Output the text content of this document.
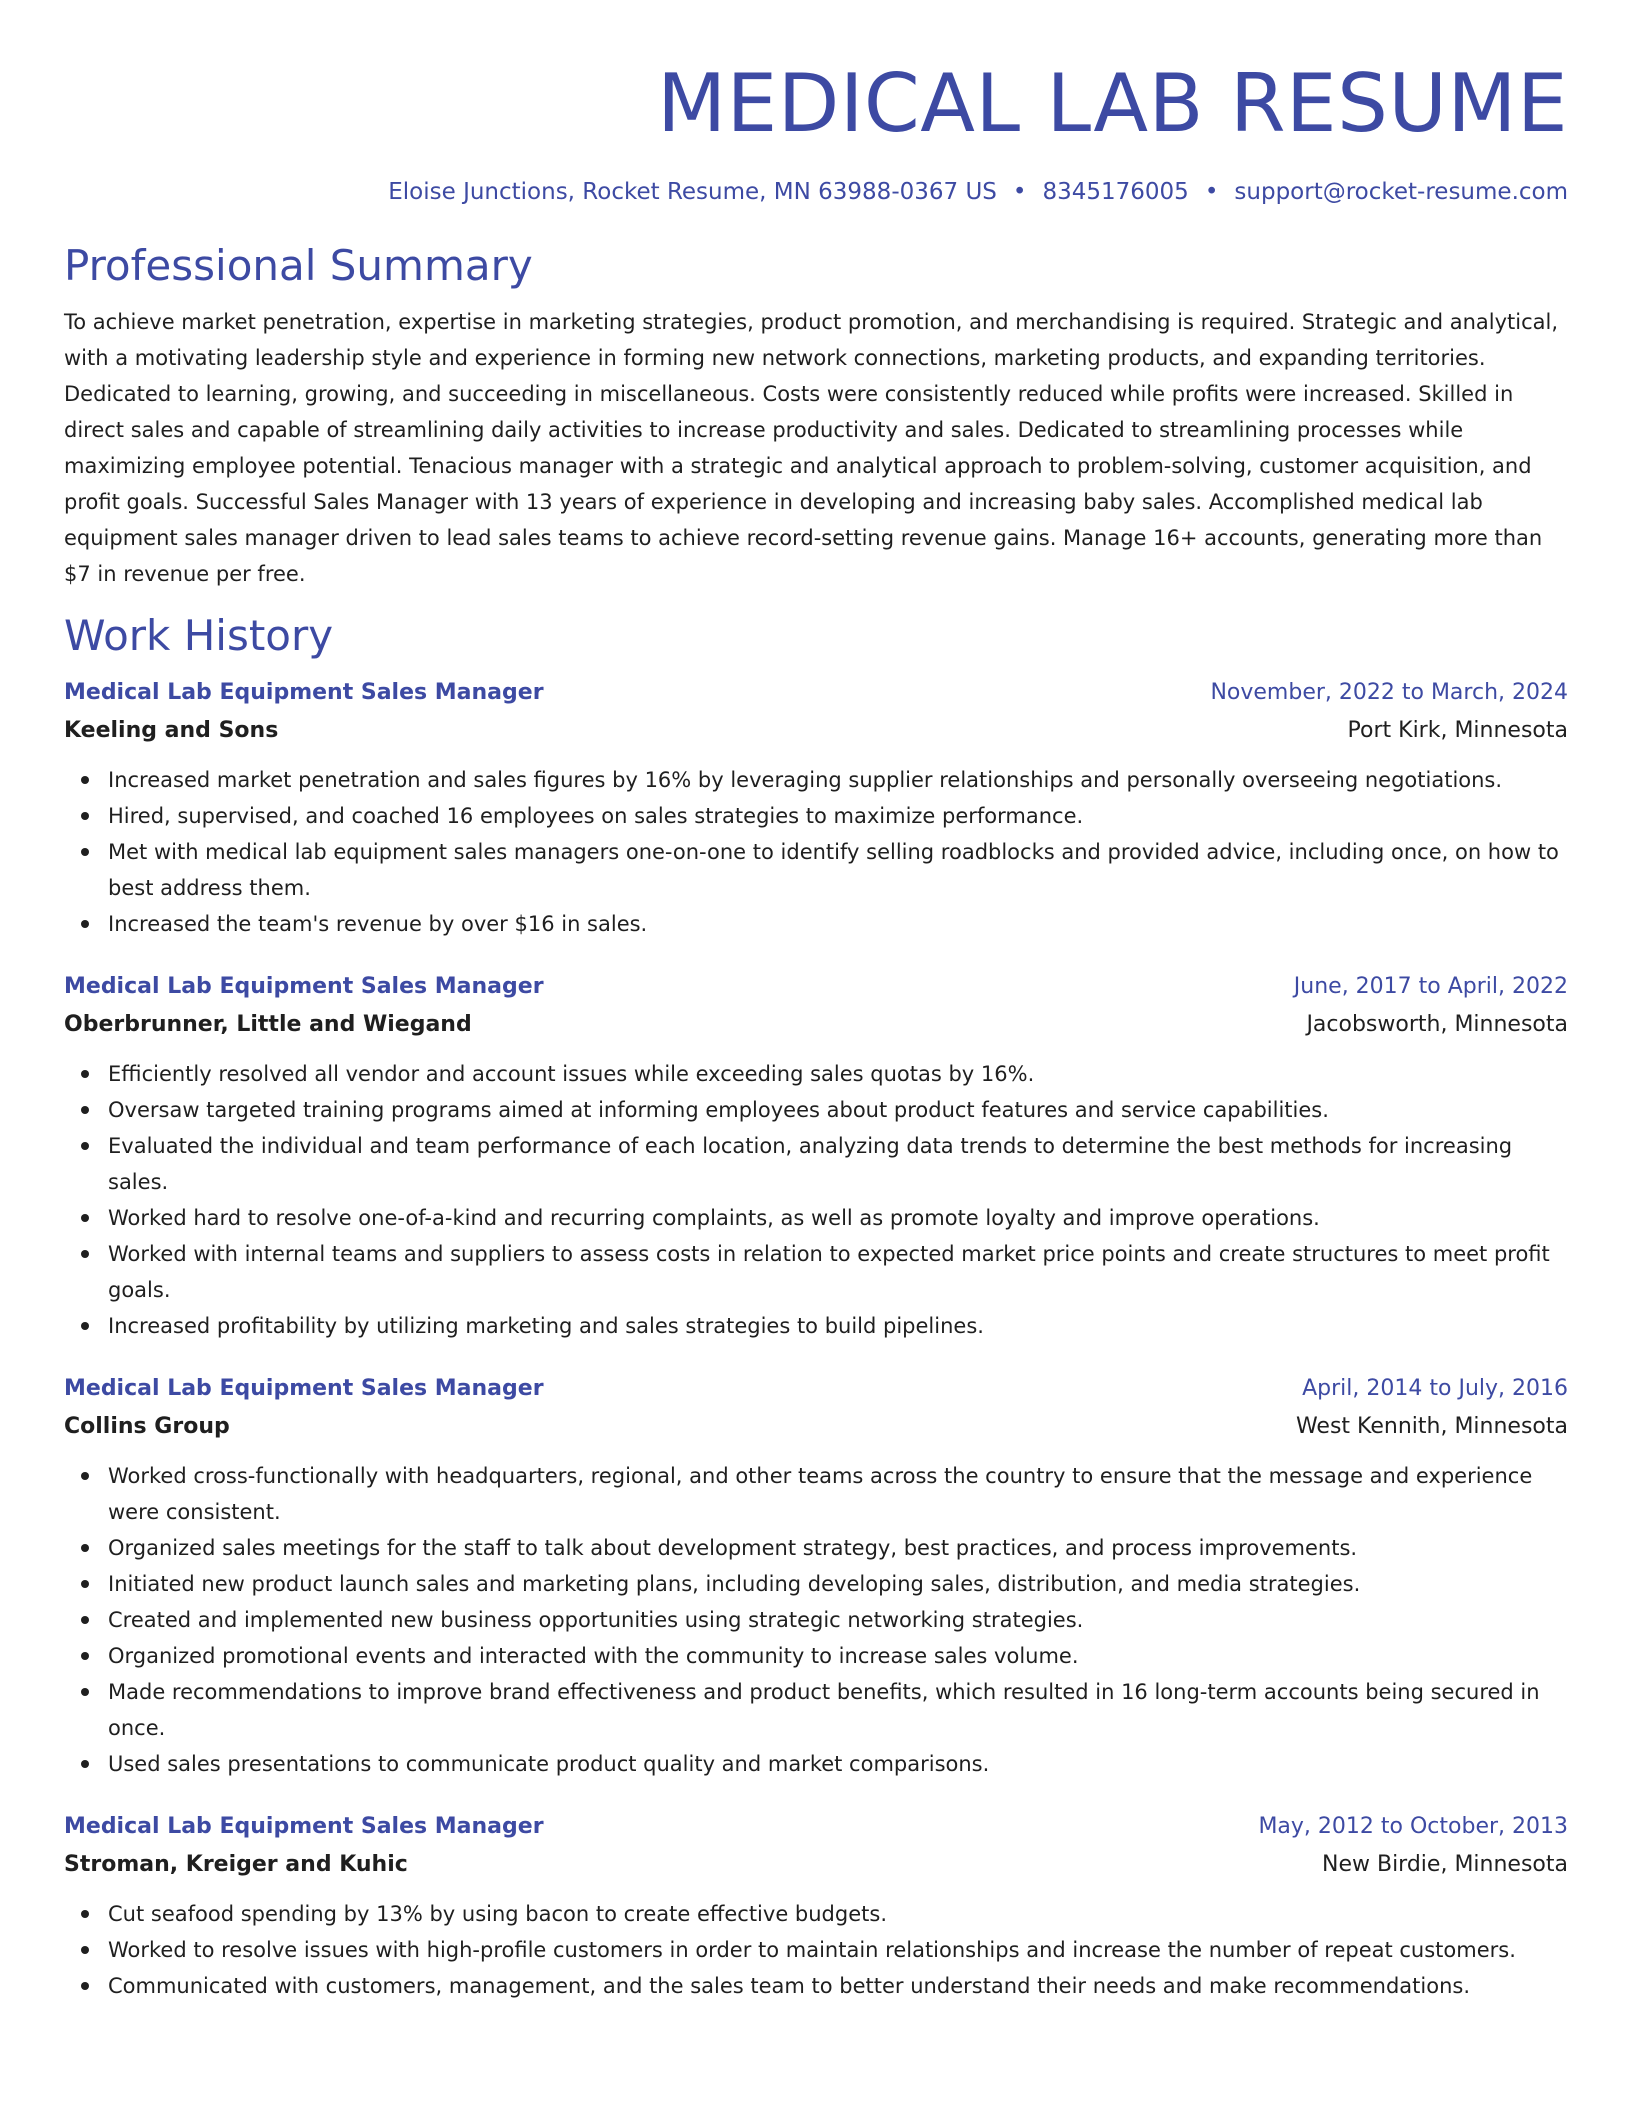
MEDICAL LAB RESUME
Eloise Junctions, Rocket Resume, MN 63988-0367 US • 8345176005 • support@rocket-resume.com
Professional Summary
To achieve market penetration, expertise in marketing strategies, product promotion, and merchandising is required. Strategic and analytical, with a motivating leadership style and experience in forming new network connections, marketing products, and expanding territories. Dedicated to learning, growing, and succeeding in miscellaneous. Costs were consistently reduced while profits were increased. Skilled in direct sales and capable of streamlining daily activities to increase productivity and sales. Dedicated to streamlining processes while maximizing employee potential. Tenacious manager with a strategic and analytical approach to problem-solving, customer acquisition, and profit goals. Successful Sales Manager with 13 years of experience in developing and increasing baby sales. Accomplished medical lab equipment sales manager driven to lead sales teams to achieve record-setting revenue gains. Manage 16+ accounts, generating more than $7 in revenue per free.
Work History
Medical Lab Equipment Sales Manager	November, 2022 to March, 2024
Keeling and Sons	Port Kirk, Minnesota
Increased market penetration and sales figures by 16% by leveraging supplier relationships and personally overseeing negotiations.
Hired, supervised, and coached 16 employees on sales strategies to maximize performance.
Met with medical lab equipment sales managers one-on-one to identify selling roadblocks and provided advice, including once, on how to best address them.
Increased the team's revenue by over $16 in sales.
Medical Lab Equipment Sales Manager	June, 2017 to April, 2022
Oberbrunner, Little and Wiegand	Jacobsworth, Minnesota
Efficiently resolved all vendor and account issues while exceeding sales quotas by 16%.
Oversaw targeted training programs aimed at informing employees about product features and service capabilities.
Evaluated the individual and team performance of each location, analyzing data trends to determine the best methods for increasing sales.
Worked hard to resolve one-of-a-kind and recurring complaints, as well as promote loyalty and improve operations.
Worked with internal teams and suppliers to assess costs in relation to expected market price points and create structures to meet profit goals.
Increased profitability by utilizing marketing and sales strategies to build pipelines.
Medical Lab Equipment Sales Manager	April, 2014 to July, 2016
Collins Group	West Kennith, Minnesota
Worked cross-functionally with headquarters, regional, and other teams across the country to ensure that the message and experience were consistent.
Organized sales meetings for the staff to talk about development strategy, best practices, and process improvements.
Initiated new product launch sales and marketing plans, including developing sales, distribution, and media strategies.
Created and implemented new business opportunities using strategic networking strategies.
Organized promotional events and interacted with the community to increase sales volume.
Made recommendations to improve brand effectiveness and product benefits, which resulted in 16 long-term accounts being secured in once.
Used sales presentations to communicate product quality and market comparisons.
Medical Lab Equipment Sales Manager	May, 2012 to October, 2013
Stroman, Kreiger and Kuhic	New Birdie, Minnesota
Cut seafood spending by 13% by using bacon to create effective budgets.
Worked to resolve issues with high-profile customers in order to maintain relationships and increase the number of repeat customers.
Communicated with customers, management, and the sales team to better understand their needs and make recommendations.
